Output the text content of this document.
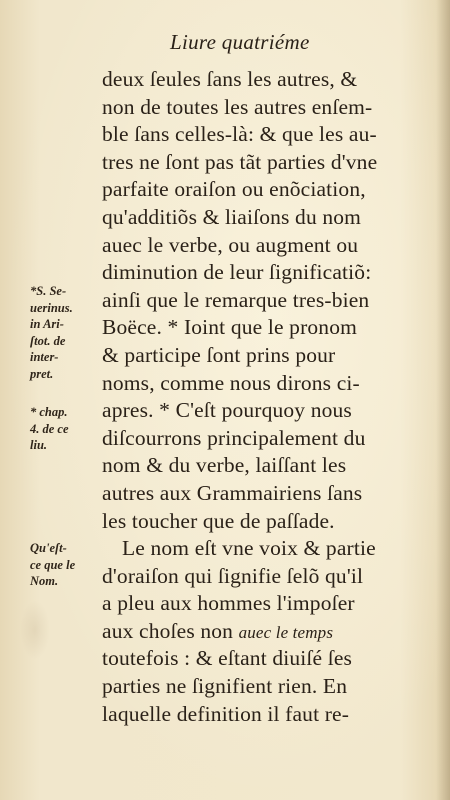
Liure quatriéme
deux ſeules ſans les autres, &
non de toutes les autres enſem-
ble ſans celles-là: & que les au-
tres ne ſont pas tãt parties d'vne
parfaite oraiſon ou enõciation,
qu'additiõs & liaiſons du nom
auec le verbe, ou augment ou
diminution de leur ſignificatiõ:
ainſi que le remarque tres-bien
Boëce. * Ioint que le pronom
& participe ſont prins pour
noms, comme nous dirons ci-
apres. * C'eſt pourquoy nous
diſcourrons principalement du
nom & du verbe, laiſſant les
autres aux Grammairiens ſans
les toucher que de paſſade.
Le nom eſt vne voix & partie
d'oraiſon qui ſignifie ſelõ qu'il
a pleu aux hommes l'impoſer
aux choſes non auec le temps
toutefois : & eſtant diuiſé ſes
parties ne ſignifient rien. En
laquelle definition il faut re-
*S. Se-
uerinus.
in Ari-
ſtot. de
inter-
pret.
* chap.
4. de ce
liu.
Qu'eſt-
ce que le
Nom.
